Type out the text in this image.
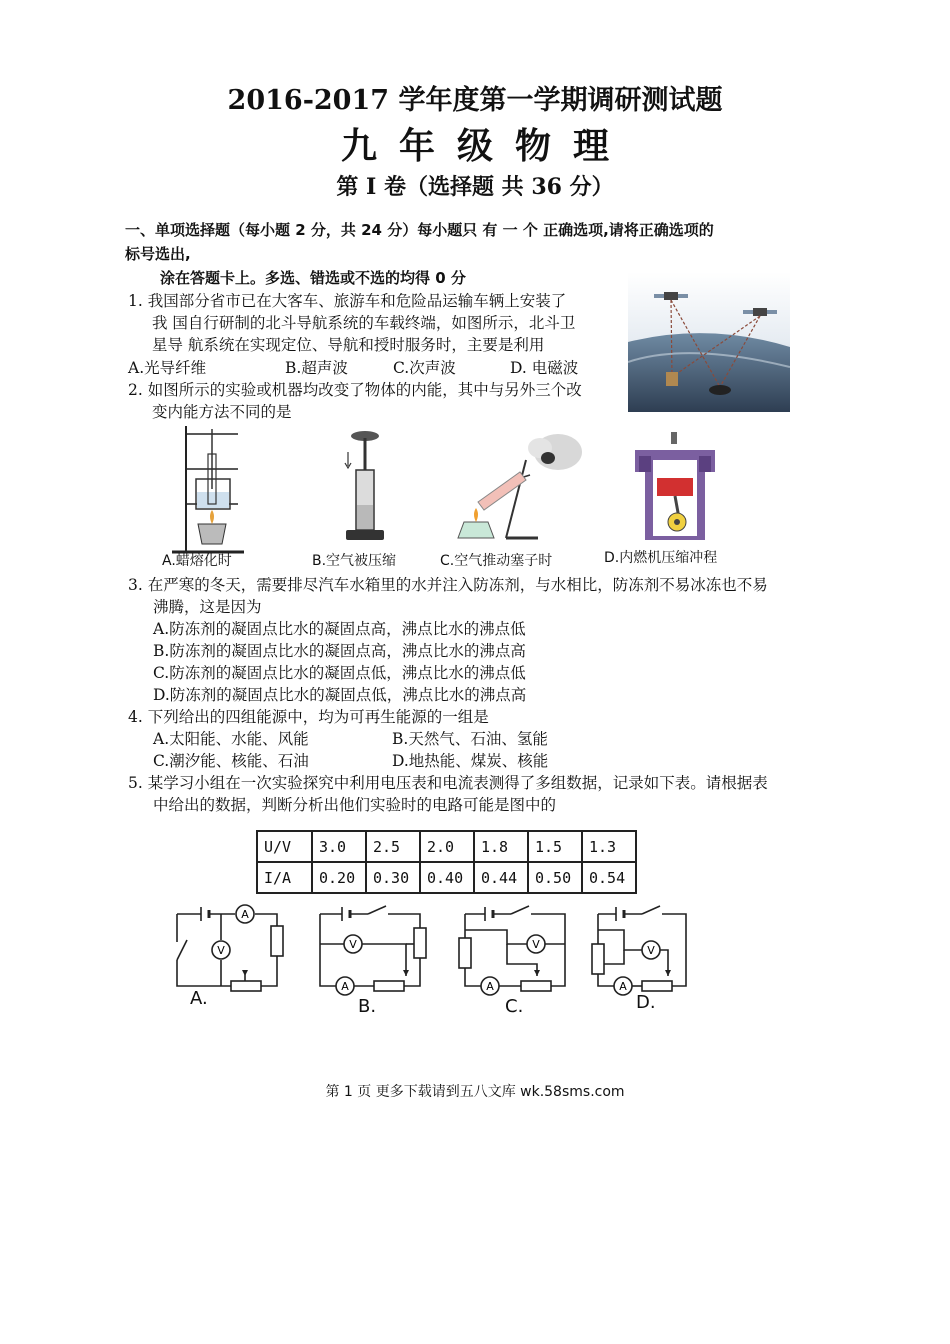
2016-2017 学年度第一学期调研测试题
九年级物理
第 I 卷（选择题 共 36 分）
一、单项选择题（每小题 2 分，共 24 分）每小题只 有 一 个 正确选项,请将正确选项的
标号选出,
涂在答题卡上。多选、错选或不选的均得 0 分
1. 我国部分省市已在大客车、旅游车和危险品运输车辆上安装了
我 国自行研制的北斗导航系统的车载终端，如图所示，北斗卫
星导 航系统在实现定位、导航和授时服务时，主要是利用
A.光导纤维	B.超声波	C.次声波	D. 电磁波
2. 如图所示的实验或机器均改变了物体的内能，其中与另外三个改
变内能方法不同的是
A.蜡熔化时	B.空气被压缩	C.空气推动塞子时	D.内燃机压缩冲程
3. 在严寒的冬天，需要排尽汽车水箱里的水并注入防冻剂，与水相比，防冻剂不易冰冻也不易
沸腾，这是因为
A.防冻剂的凝固点比水的凝固点高，沸点比水的沸点低
B.防冻剂的凝固点比水的凝固点高，沸点比水的沸点高
C.防冻剂的凝固点比水的凝固点低，沸点比水的沸点低
D.防冻剂的凝固点比水的凝固点低，沸点比水的沸点高
4. 下列给出的四组能源中，均为可再生能源的一组是
A.太阳能、水能、风能	B.天然气、石油、氢能
C.潮汐能、核能、石油	D.地热能、煤炭、核能
5. 某学习小组在一次实验探究中利用电压表和电流表测得了多组数据，记录如下表。请根据表
中给出的数据，判断分析出他们实验时的电路可能是图中的
U/V	3.0	2.5	2.0	1.8	1.5	1.3
I/A	0.20	0.30	0.40	0.44	0.50	0.54
A
V
A.
V
A
B.
V
A
C.
V
A
D.
第 1 页 更多下载请到五八文库 wk.58sms.com
